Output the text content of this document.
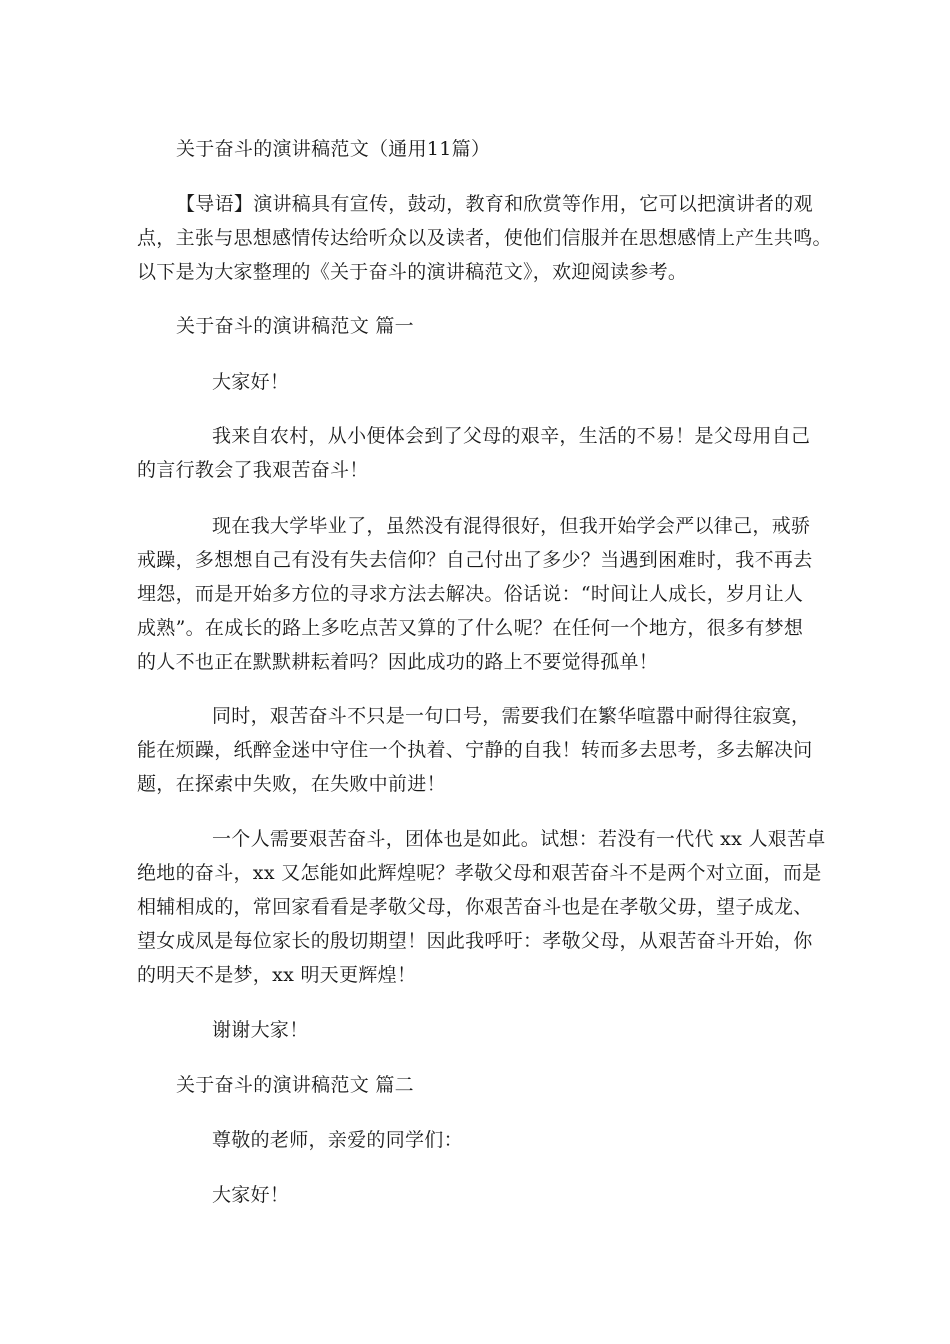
关于奋斗的演讲稿范文（通用11篇）
【导语】演讲稿具有宣传，鼓动，教育和欣赏等作用，它可以把演讲者的观
点，主张与思想感情传达给听众以及读者，使他们信服并在思想感情上产生共鸣。
以下是为大家整理的《关于奋斗的演讲稿范文》，欢迎阅读参考。
关于奋斗的演讲稿范文 篇一
大家好！
我来自农村，从小便体会到了父母的艰辛，生活的不易！是父母用自己
的言行教会了我艰苦奋斗！
现在我大学毕业了，虽然没有混得很好，但我开始学会严以律己，戒骄
戒躁，多想想自己有没有失去信仰？自己付出了多少？当遇到困难时，我不再去
埋怨，而是开始多方位的寻求方法去解决。俗话说：“时间让人成长，岁月让人
成熟”。在成长的路上多吃点苦又算的了什么呢？在任何一个地方，很多有梦想
的人不也正在默默耕耘着吗？因此成功的路上不要觉得孤单！
同时，艰苦奋斗不只是一句口号，需要我们在繁华喧嚣中耐得往寂寞，
能在烦躁，纸醉金迷中守住一个执着、宁静的自我！转而多去思考，多去解决问
题，在探索中失败，在失败中前进！
一个人需要艰苦奋斗，团体也是如此。试想：若没有一代代 xx 人艰苦卓
绝地的奋斗，xx 又怎能如此辉煌呢？孝敬父母和艰苦奋斗不是两个对立面，而是
相辅相成的，常回家看看是孝敬父母，你艰苦奋斗也是在孝敬父毋，望子成龙、
望女成凤是每位家长的殷切期望！因此我呼吁：孝敬父母，从艰苦奋斗开始，你
的明天不是梦，xx 明天更辉煌！
谢谢大家！
关于奋斗的演讲稿范文 篇二
尊敬的老师，亲爱的同学们：
大家好！
